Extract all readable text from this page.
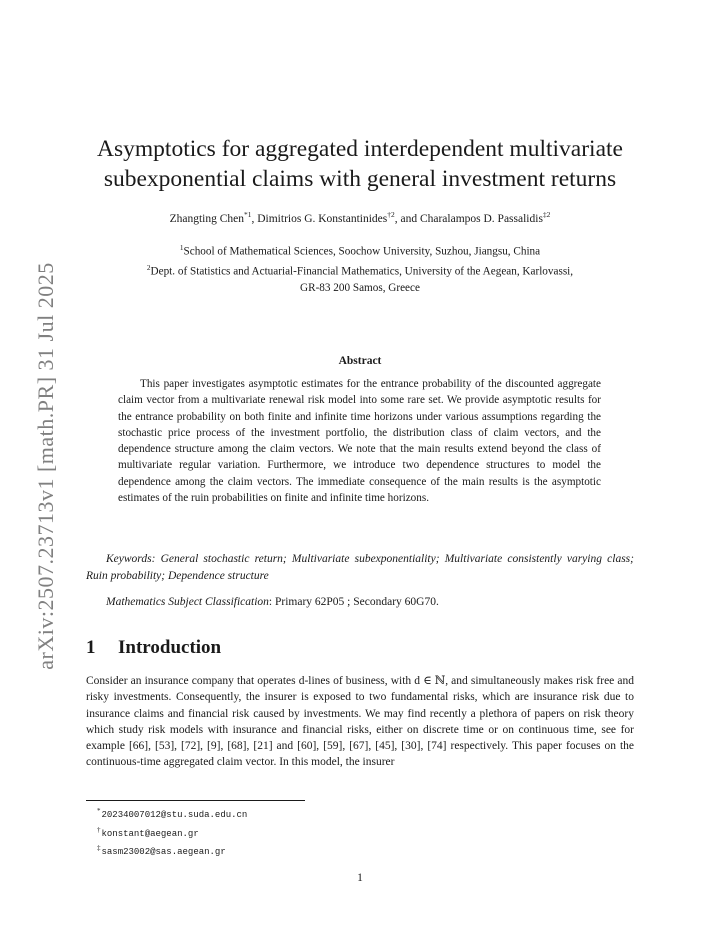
arXiv:2507.23713v1 [math.PR] 31 Jul 2025
Asymptotics for aggregated interdependent multivariate
subexponential claims with general investment returns
Zhangting Chen$^{*1}$, Dimitrios G. Konstantinides$^{\dagger 2}$, and Charalampos D. Passalidis$^{\ddagger 2}$
$^1$School of Mathematical Sciences, Soochow University, Suzhou, Jiangsu, China
$^2$Dept. of Statistics and Actuarial-Financial Mathematics, University of the Aegean, Karlovassi,
GR-83 200 Samos, Greece
Abstract
This paper investigates asymptotic estimates for the entrance probability of the discounted aggregate claim vector from a multivariate renewal risk model into some rare set. We provide asymptotic results for the entrance probability on both finite and infinite time horizons under various assumptions regarding the stochastic price process of the investment portfolio, the distribution class of claim vectors, and the dependence structure among the claim vectors. We note that the main results extend beyond the class of multivariate regular variation. Furthermore, we introduce two dependence structures to model the dependence among the claim vectors. The immediate consequence of the main results is the asymptotic estimates of the ruin probabilities on finite and infinite time horizons.
Keywords: General stochastic return; Multivariate subexponentiality; Multivariate consistently varying class; Ruin probability; Dependence structure
Mathematics Subject Classification: Primary 62P05 ; Secondary 60G70.
1 Introduction
Consider an insurance company that operates d-lines of business, with d ∈ ℕ, and simultaneously makes risk free and risky investments. Consequently, the insurer is exposed to two fundamental risks, which are insurance risk due to insurance claims and financial risk caused by investments. We may find recently a plethora of papers on risk theory which study risk models with insurance and financial risks, either on discrete time or on continuous time, see for example [66], [53], [72], [9], [68], [21] and [60], [59], [67], [45], [30], [74] respectively. This paper focuses on the continuous-time aggregated claim vector. In this model, the insurer
*20234007012@stu.suda.edu.cn
†konstant@aegean.gr
‡sasm23002@sas.aegean.gr
1
